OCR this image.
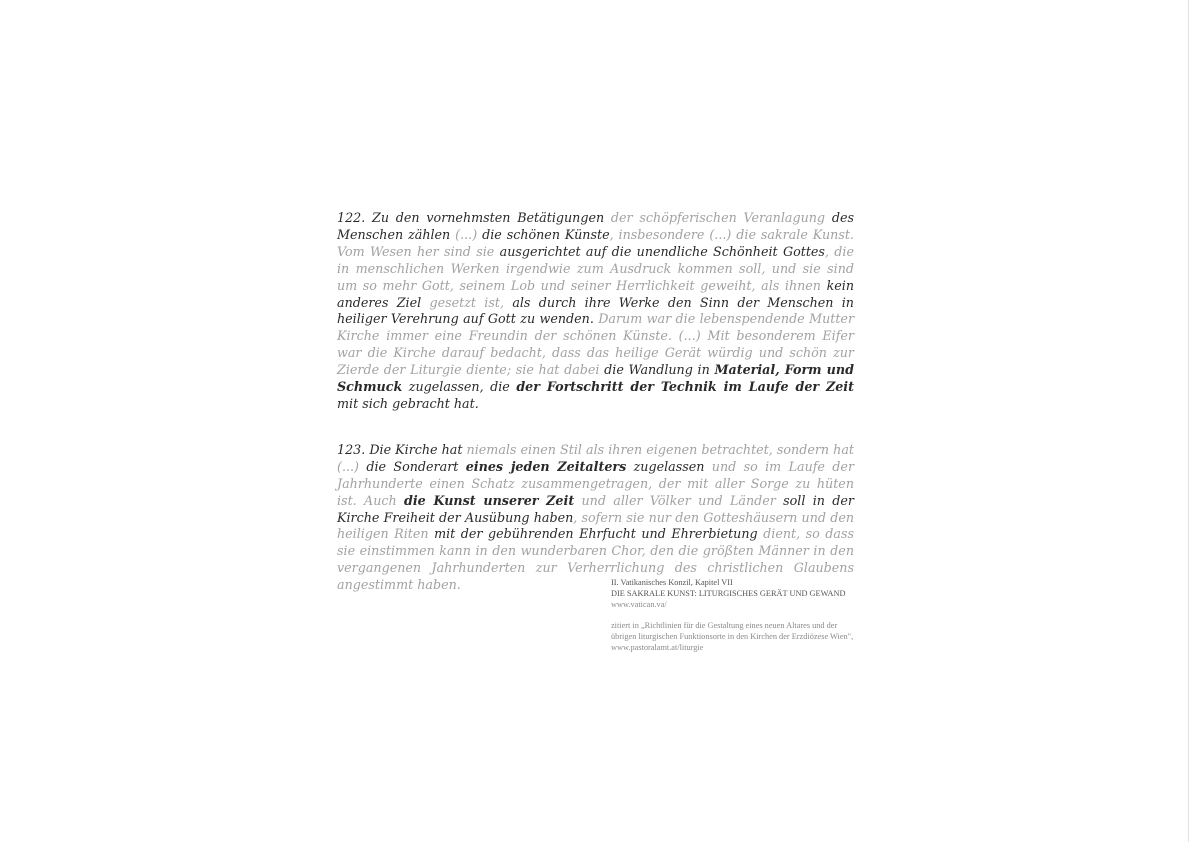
122. Zu den vornehmsten Betätigungen der schöpferischen Veranlagung des Menschen zählen (...) die schönen Künste, insbesondere (...) die sakrale Kunst. Vom Wesen her sind sie ausgerichtet auf die unendliche Schönheit Gottes, die in menschlichen Werken irgendwie zum Ausdruck kommen soll, und sie sind um so mehr Gott, seinem Lob und seiner Herrlichkeit geweiht, als ihnen kein anderes Ziel gesetzt ist, als durch ihre Werke den Sinn der Menschen in heiliger Verehrung auf Gott zu wenden. Darum war die lebenspendende Mutter Kirche immer eine Freundin der schönen Künste. (...) Mit besonderem Eifer war die Kirche darauf bedacht, dass das heilige Gerät würdig und schön zur Zierde der Liturgie diente; sie hat dabei die Wandlung in Material, Form und Schmuck zugelassen, die der Fortschritt der Technik im Laufe der Zeit mit sich gebracht hat.

123. Die Kirche hat niemals einen Stil als ihren eigenen betrachtet, sondern hat (...) die Sonderart eines jeden Zeitalters zugelassen und so im Laufe der Jahrhunderte einen Schatz zusammengetragen, der mit aller Sorge zu hüten ist. Auch die Kunst unserer Zeit und aller Völker und Länder soll in der Kirche Freiheit der Ausübung haben, sofern sie nur den Gotteshäusern und den heiligen Riten mit der gebührenden Ehrfucht und Ehrerbietung dient, so dass sie einstimmen kann in den wunderbaren Chor, den die größten Männer in den vergangenen Jahrhunderten zur Verherrlichung des christlichen Glaubens angestimmt haben.	II. Vatikanisches Konzil, Kapitel VII
DIE SAKRALE KUNST: LITURGISCHES GERÄT UND GEWAND
www.vatican.va/
zitiert in „Richtlinien für die Gestaltung eines neuen Altares und der
übrigen liturgischen Funktionsorte in den Kirchen der Erzdiözese Wien",
www.pastoralamt.at/liturgie
